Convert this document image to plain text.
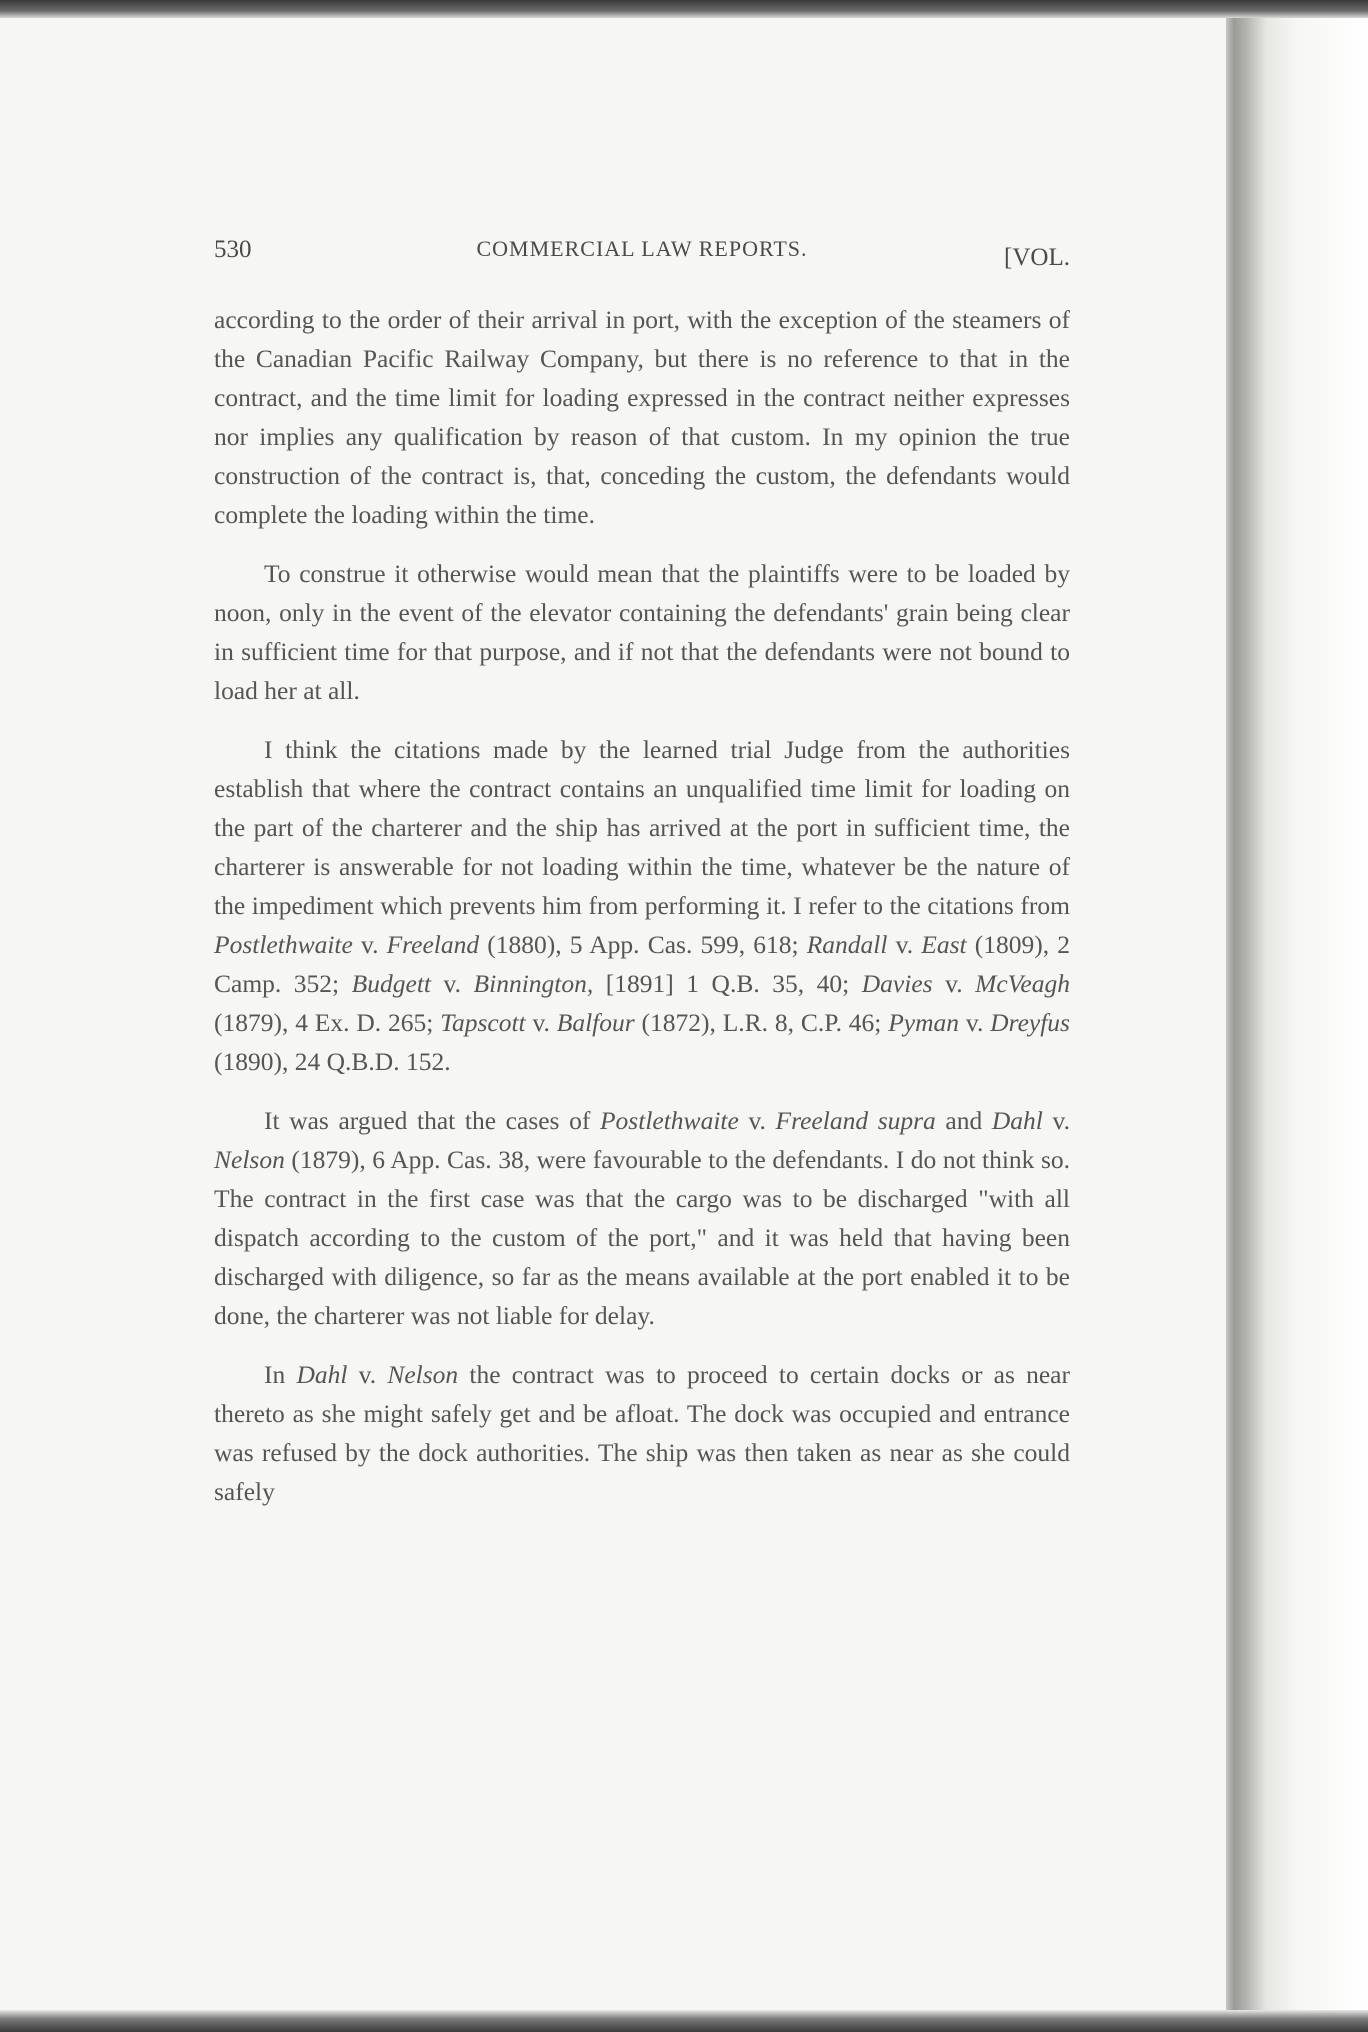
530	COMMERCIAL LAW REPORTS.	[VOL.

according to the order of their arrival in port, with the exception of the steamers of the Canadian Pacific Railway Company, but there is no reference to that in the contract, and the time limit for loading expressed in the contract neither expresses nor implies any qualification by reason of that custom. In my opinion the true construction of the contract is, that, conceding the custom, the defendants would complete the loading within the time.

To construe it otherwise would mean that the plaintiffs were to be loaded by noon, only in the event of the elevator containing the defendants' grain being clear in sufficient time for that purpose, and if not that the defendants were not bound to load her at all.

I think the citations made by the learned trial Judge from the authorities establish that where the contract contains an unqualified time limit for loading on the part of the charterer and the ship has arrived at the port in sufficient time, the charterer is answerable for not loading within the time, whatever be the nature of the impediment which prevents him from performing it. I refer to the citations from Postlethwaite v. Freeland (1880), 5 App. Cas. 599, 618; Randall v. East (1809), 2 Camp. 352; Budgett v. Binnington, [1891] 1 Q.B. 35, 40; Davies v. McVeagh (1879), 4 Ex. D. 265; Tapscott v. Balfour (1872), L.R. 8, C.P. 46; Pyman v. Dreyfus (1890), 24 Q.B.D. 152.

It was argued that the cases of Postlethwaite v. Freeland supra and Dahl v. Nelson (1879), 6 App. Cas. 38, were favourable to the defendants. I do not think so. The contract in the first case was that the cargo was to be discharged "with all dispatch according to the custom of the port," and it was held that having been discharged with diligence, so far as the means available at the port enabled it to be done, the charterer was not liable for delay.

In Dahl v. Nelson the contract was to proceed to certain docks or as near thereto as she might safely get and be afloat. The dock was occupied and entrance was refused by the dock authorities. The ship was then taken as near as she could safely
